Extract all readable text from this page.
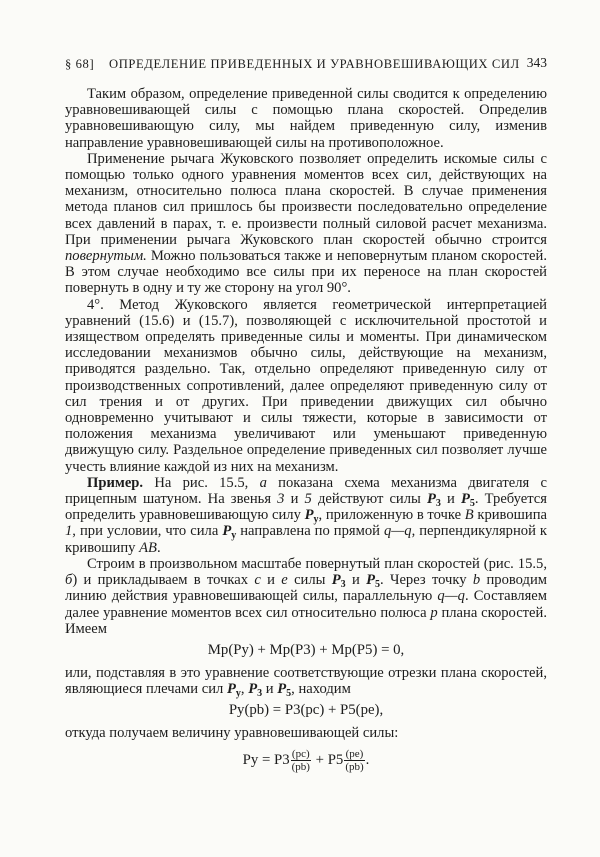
§ 68] ОПРЕДЕЛЕНИЕ ПРИВЕДЕННЫХ И УРАВНОВЕШИВАЮЩИХ СИЛ 343

Таким образом, определение приведенной силы сводится к определению уравновешивающей силы с помощью плана скоростей. Определив уравновешивающую силу, мы найдем приведенную силу, изменив направление уравновешивающей силы на противоположное.

Применение рычага Жуковского позволяет определить искомые силы с помощью только одного уравнения моментов всех сил, действующих на механизм, относительно полюса плана скоростей. В случае применения метода планов сил пришлось бы произвести последовательно определение всех давлений в парах, т. е. произвести полный силовой расчет механизма. При применении рычага Жуковского план скоростей обычно строится повернутым. Можно пользоваться также и неповернутым планом скоростей. В этом случае необходимо все силы при их переносе на план скоростей повернуть в одну и ту же сторону на угол 90°.

4°. Метод Жуковского является геометрической интерпретацией уравнений (15.6) и (15.7), позволяющей с исключительной простотой и изяществом определять приведенные силы и моменты. При динамическом исследовании механизмов обычно силы, действующие на механизм, приводятся раздельно. Так, отдельно определяют приведенную силу от производственных сопротивлений, далее определяют приведенную силу от сил трения и от других. При приведении движущих сил обычно одновременно учитывают и силы тяжести, которые в зависимости от положения механизма увеличивают или уменьшают приведенную движущую силу. Раздельное определение приведенных сил позволяет лучше учесть влияние каждой из них на механизм.

Пример. На рис. 15.5, а показана схема механизма двигателя с прицепным шатуном. На звенья 3 и 5 действуют силы $P_3$ и $P_5$. Требуется определить уравновешивающую силу $P_y$, приложенную в точке B кривошипа 1, при условии, что сила $P_y$ направлена по прямой q—q, перпендикулярной к кривошипу AB.

Строим в произвольном масштабе повернутый план скоростей (рис. 15.5, б) и прикладываем в точках c и e силы $P_3$ и $P_5$. Через точку b проводим линию действия уравновешивающей силы, параллельную q—q. Составляем далее уравнение моментов всех сил относительно полюса p плана скоростей. Имеем

Mp(Py) + Mp(P3) + Mp(P5) = 0,

или, подставляя в это уравнение соответствующие отрезки плана скоростей, являющиеся плечами сил $P_y$, $P_3$ и $P_5$, находим

Py(pb) = P3(pc) + P5(pe),

откуда получаем величину уравновешивающей силы:

$Py = P3 \frac{(pc)}{(pb)} + P5 \frac{(pe)}{(pb)}$ .
